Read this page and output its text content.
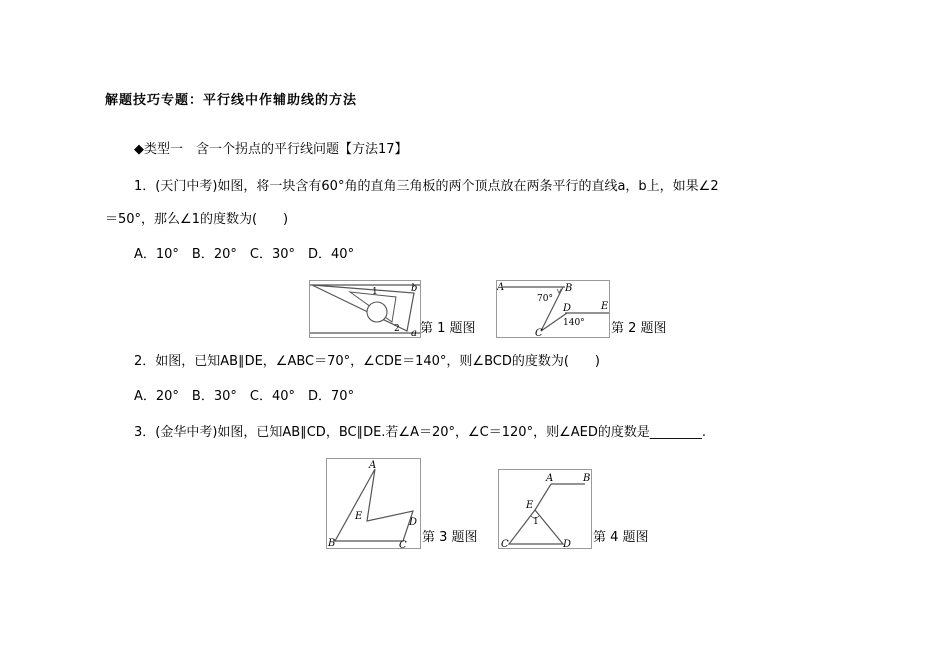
解题技巧专题：平行线中作辅助线的方法
◆类型一　含一个拐点的平行线问题【方法17】
1．(天门中考)如图，将一块含有60°角的直角三角板的两个顶点放在两条平行的直线a，b上，如果∠2
＝50°，那么∠1的度数为(　　)
A．10°　B．20°　C．30°　D．40°
b
a
1
2 第 1 题图
A	B
C
D	E
70°
140° 第 2 题图
2．如图，已知AB∥DE，∠ABC＝70°，∠CDE＝140°，则∠BCD的度数为(　　)
A．20°　B．30°　C．40°　D．70°
3．(金华中考)如图，已知AB∥CD，BC∥DE.若∠A＝20°，∠C＝120°，则∠AED的度数是________.
A
B	C
D
E
第 3 题图
A	B
C	D
E
1
第 4 题图
